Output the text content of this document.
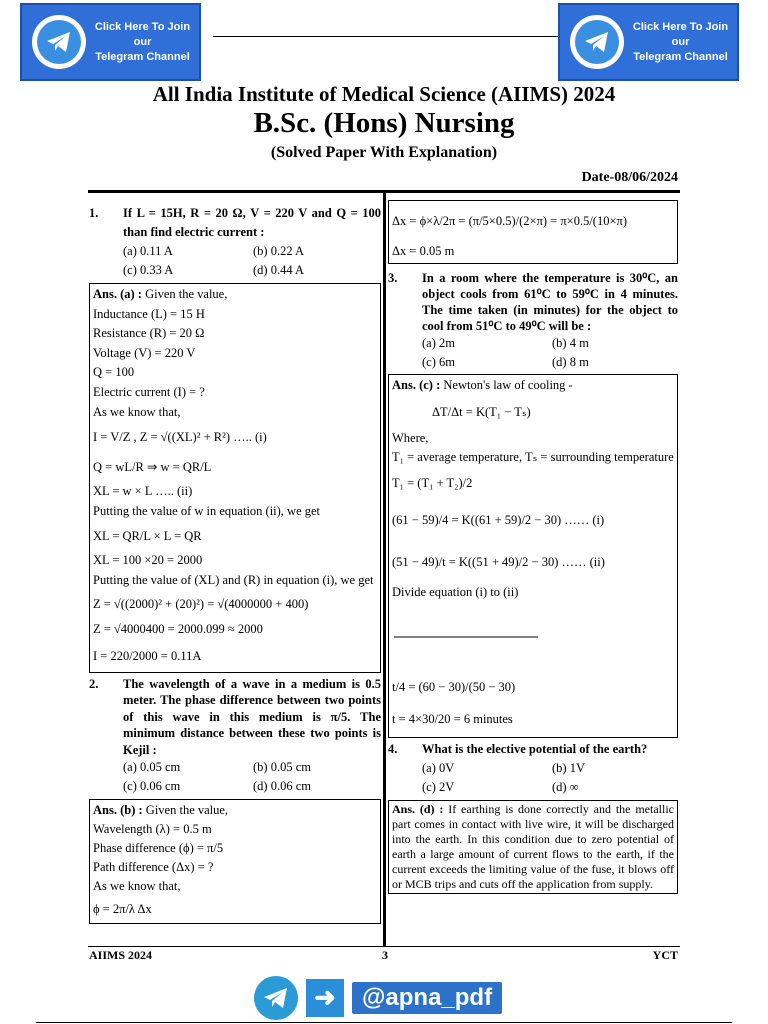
Click Here To Join our
Telegram Channel
Click Here To Join our
Telegram Channel
All India Institute of Medical Science (AIIMS) 2024
B.Sc. (Hons) Nursing
(Solved Paper With Explanation)
Date-08/06/2024
1.	If L = 15H, R = 20 Ω, V = 220 V and Q = 100 than find electric current :
(a) 0.11 A	(b) 0.22 A
(c) 0.33 A	(d) 0.44 A

Ans. (a) : Given the value,

Inductance (L) = 15 H

Resistance (R) = 20 Ω

Voltage (V) = 220 V

Q = 100

Electric current (I) = ?

As we know that,

I = V/Z , Z = √((XL)² + R²) ….. (i)

Q = wL/R ⇒ w = QR/L

XL = w × L ….. (ii)

Putting the value of w in equation (ii), we get

XL = QR/L × L = QR

XL = 100 ×20 = 2000

Putting the value of (XL) and (R) in equation (i), we get

Z = √((2000)² + (20)²) = √(4000000 + 400)

Z = √4000400 = 2000.099 ≈ 2000

I = 220/2000 = 0.11A

2.	The wavelength of a wave in a medium is 0.5 meter. The phase difference between two points of this wave in this medium is π/5. The minimum distance between these two points is Kejil :
(a) 0.05 cm	(b) 0.05 cm
(c) 0.06 cm	(d) 0.06 cm

Ans. (b) : Given the value,

Wavelength (λ) = 0.5 m

Phase difference (ϕ) = π/5

Path difference (Δx) = ?

As we know that,

ϕ = 2π/λ Δx

Δx = ϕ×λ/2π = (π/5×0.5)/(2×π) = π×0.5/(10×π)

Δx = 0.05 m

3.	In a room where the temperature is 30⁰C, an object cools from 61⁰C to 59⁰C in 4 minutes. The time taken (in minutes) for the object to cool from 51⁰C to 49⁰C will be :
(a) 2m	(b) 4 m
(c) 6m	(d) 8 m

Ans. (c) : Newton's law of cooling -

ΔT/Δt = K(T₁ − Tₛ)

Where,

T₁ = average temperature, Tₛ = surrounding temperature

T₁ = (T₁ + T₂)/2

(61 − 59)/4 = K((61 + 59)/2 − 30) …… (i)

(51 − 49)/t = K((51 + 49)/2 − 30) …… (ii)

Divide equation (i) to (ii)

t/4 = (60 − 30)/(50 − 30)

t = 4×30/20 = 6 minutes

4.	What is the elective potential of the earth?
(a) 0V	(b) 1V
(c) 2V	(d) ∞
Ans. (d) : If earthing is done correctly and the metallic part comes in contact with live wire, it will be discharged into the earth. In this condition due to zero potential of earth a large amount of current flows to the earth, if the current exceeds the limiting value of the fuse, it blows off or MCB trips and cuts off the application from supply.
AIIMS 2024	3	YCT
➜	@apna_pdf
